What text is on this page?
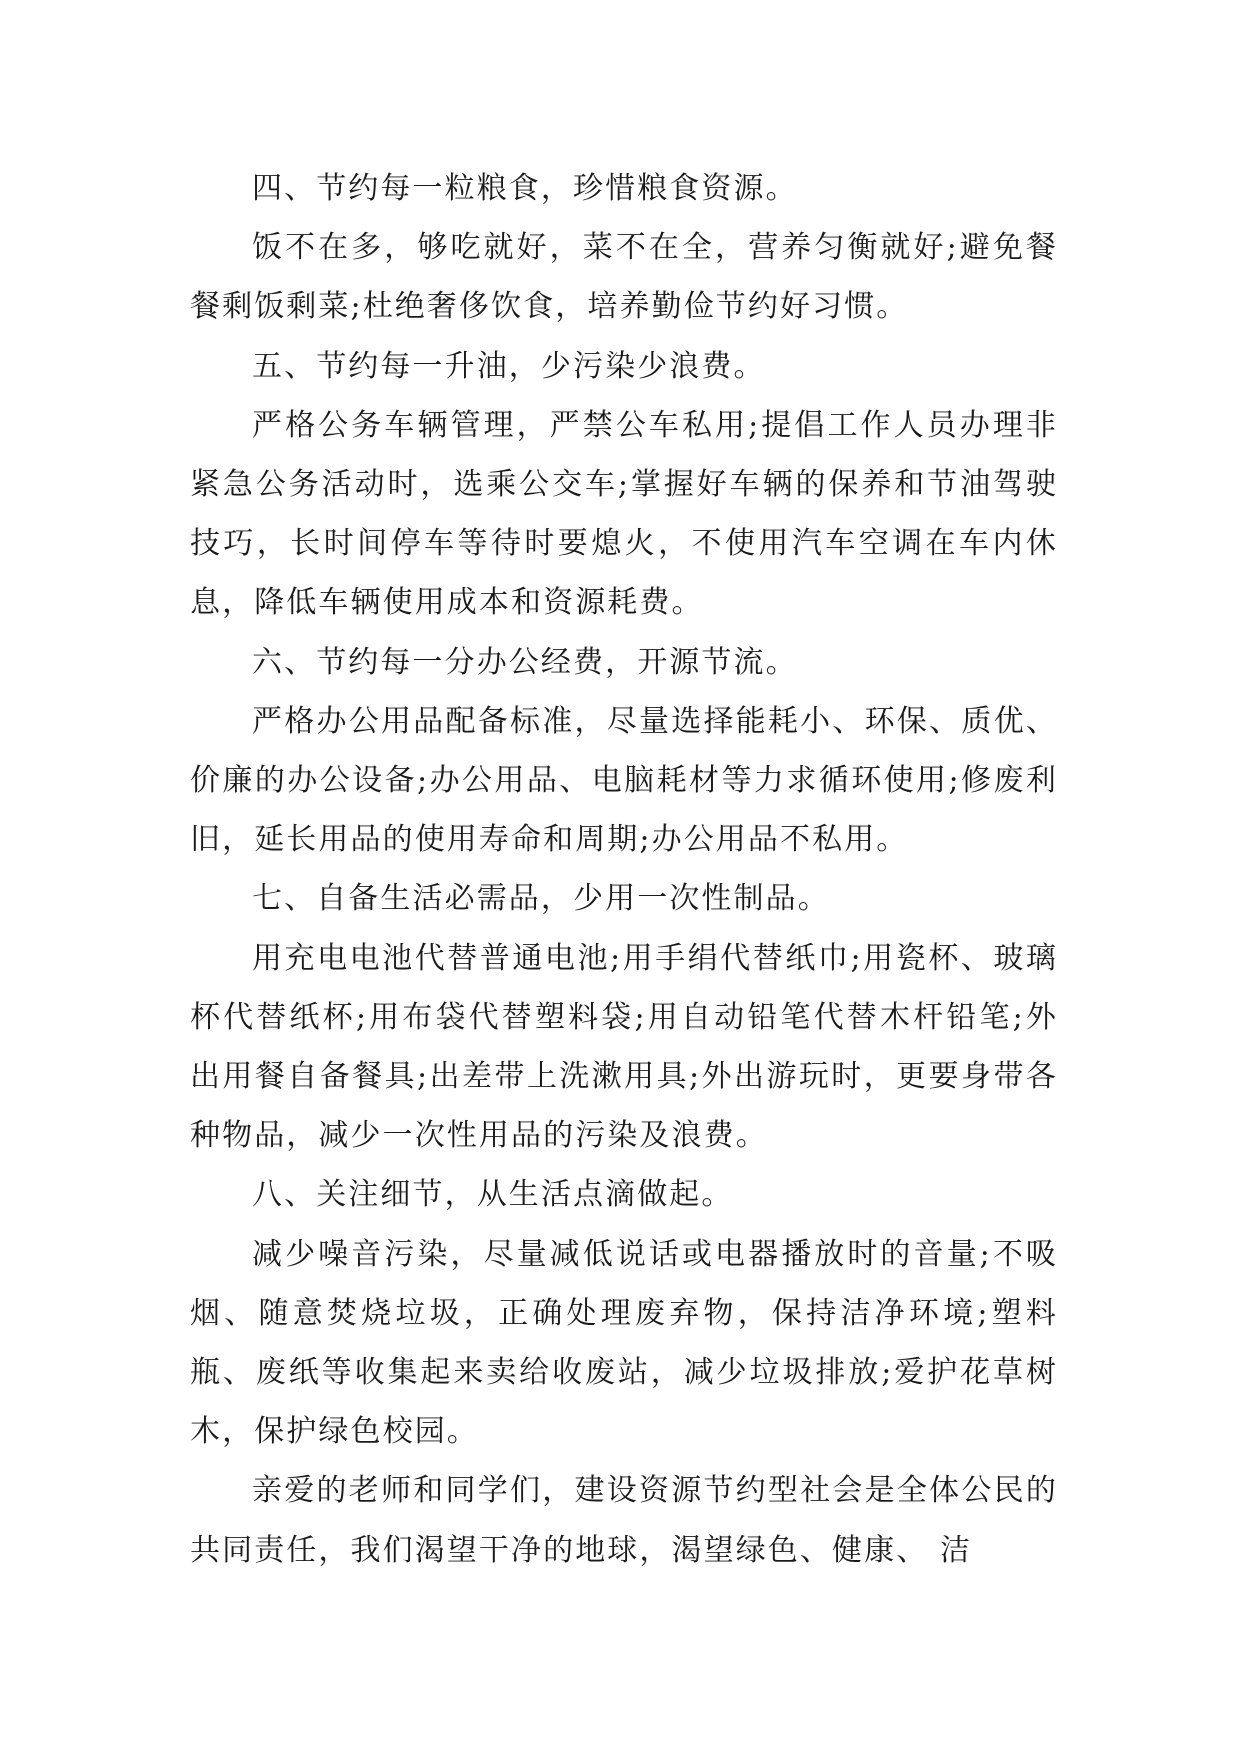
四、节约每一粒粮食，珍惜粮食资源。

饭不在多，够吃就好，菜不在全，营养匀衡就好;避免餐餐剩饭剩菜;杜绝奢侈饮食，培养勤俭节约好习惯。

五、节约每一升油，少污染少浪费。

严格公务车辆管理，严禁公车私用;提倡工作人员办理非紧急公务活动时，选乘公交车;掌握好车辆的保养和节油驾驶技巧，长时间停车等待时要熄火，不使用汽车空调在车内休息，降低车辆使用成本和资源耗费。

六、节约每一分办公经费，开源节流。

严格办公用品配备标准，尽量选择能耗小、环保、质优、价廉的办公设备;办公用品、电脑耗材等力求循环使用;修废利旧，延长用品的使用寿命和周期;办公用品不私用。

七、自备生活必需品，少用一次性制品。

用充电电池代替普通电池;用手绢代替纸巾;用瓷杯、玻璃杯代替纸杯;用布袋代替塑料袋;用自动铅笔代替木杆铅笔;外出用餐自备餐具;出差带上洗漱用具;外出游玩时，更要身带各种物品，减少一次性用品的污染及浪费。

八、关注细节，从生活点滴做起。

减少噪音污染，尽量减低说话或电器播放时的音量;不吸烟、随意焚烧垃圾，正确处理废弃物，保持洁净环境;塑料瓶、废纸等收集起来卖给收废站，减少垃圾排放;爱护花草树木，保护绿色校园。

亲爱的老师和同学们，建设资源节约型社会是全体公民的共同责任，我们渴望干净的地球，渴望绿色、健康、 洁
